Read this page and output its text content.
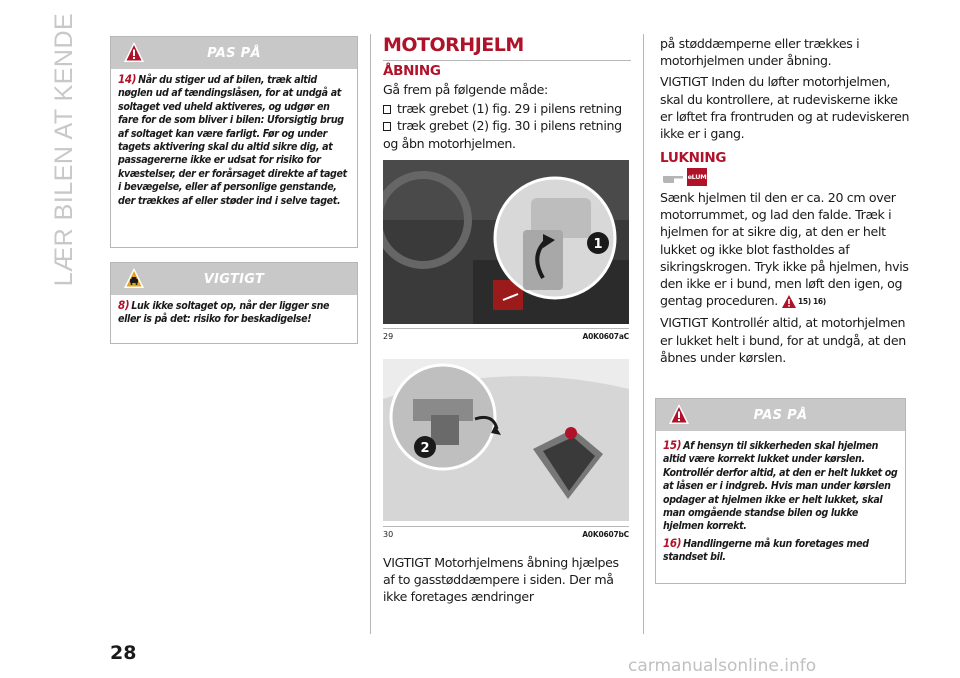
LÆR BILEN AT KENDE	PAS PÅ

14) Når du stiger ud af bilen, træk altid nøglen ud af tændingslåsen, for at undgå at soltaget ved uheld aktiveres, og udgør en fare for de som bliver i bilen: Uforsigtig brug af soltaget kan være farligt. Før og under tagets aktivering skal du altid sikre dig, at passagererne ikke er udsat for risiko for kvæstelser, der er forårsaget direkte af taget i bevægelse, eller af personlige genstande, der trækkes af eller støder ind i selve taget.

VIGTIGT

8) Luk ikke soltaget op, når der ligger sne eller is på det: risiko for beskadigelse!

MOTORHJELM
ÅBNING

Gå frem på følgende måde:

træk grebet (1) fig. 29 i pilens retning
træk grebet (2) fig. 30 i pilens retning

og åbn motorhjelmen.

1
29	A0K0607aC
2
30	A0K0607bC

VIGTIGT Motorhjelmens åbning hjælpes af to gasstøddæmpere i siden. Der må ikke foretages ændringer

på støddæmperne eller trækkes i motorhjelmen under åbning.

VIGTIGT Inden du løfter motorhjelmen, skal du kontrollere, at rudeviskerne ikke er løftet fra frontruden og at rudeviskeren ikke er i gang.

LUKNING
eLUM

Sænk hjelmen til den er ca. 20 cm over motorrummet, og lad den falde. Træk i hjelmen for at sikre dig, at den er helt lukket og ikke blot fastholdes af sikringskrogen. Tryk ikke på hjelmen, hvis den ikke er i bund, men løft den igen, og gentag proceduren.	15) 16)

VIGTIGT Kontrollér altid, at motorhjelmen er lukket helt i bund, for at undgå, at den åbnes under kørslen.

PAS PÅ

15) Af hensyn til sikkerheden skal hjelmen altid være korrekt lukket under kørslen. Kontrollér derfor altid, at den er helt lukket og at låsen er i indgreb. Hvis man under kørslen opdager at hjelmen ikke er helt lukket, skal man omgående standse bilen og lukke hjelmen korrekt.

16) Handlingerne må kun foretages med standset bil.

28
carmanualsonline.info
